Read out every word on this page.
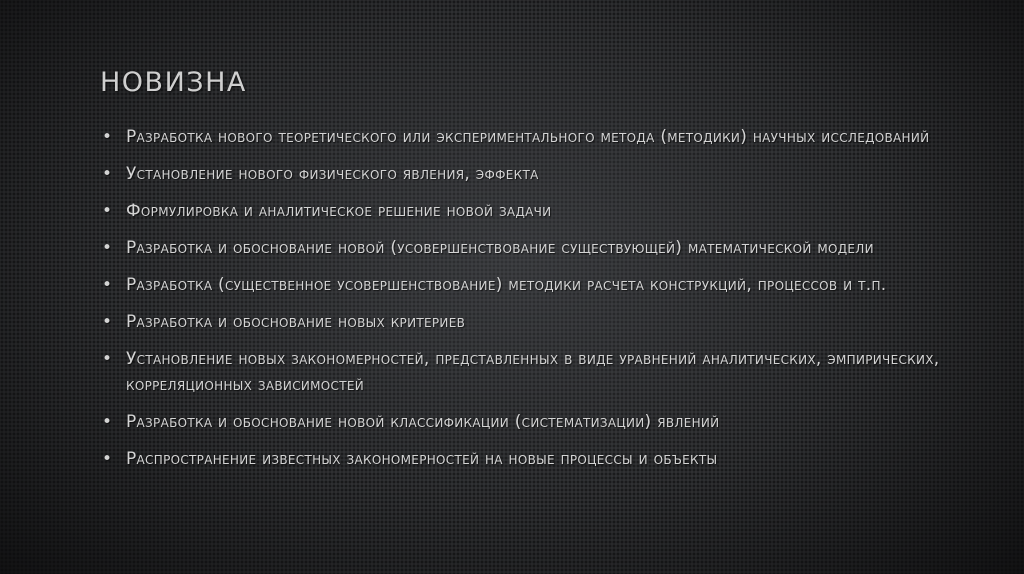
новизна
• Разработка нового теоретического или экспериментального метода (методики) научных исследований
• Установление нового физического явления, эффекта
• Формулировка и аналитическое решение новой задачи
• Разработка и обоснование новой (усовершенствование существующей) математической модели
• Разработка (существенное усовершенствование) методики расчета конструкций, процессов и т.п.
• Разработка и обоснование новых критериев
• Установление новых закономерностей, представленных в виде уравнений аналитических, эмпирических, корреляционных зависимостей
• Разработка и обоснование новой классификации (систематизации) явлений
• Распространение известных закономерностей на новые процессы и объекты
